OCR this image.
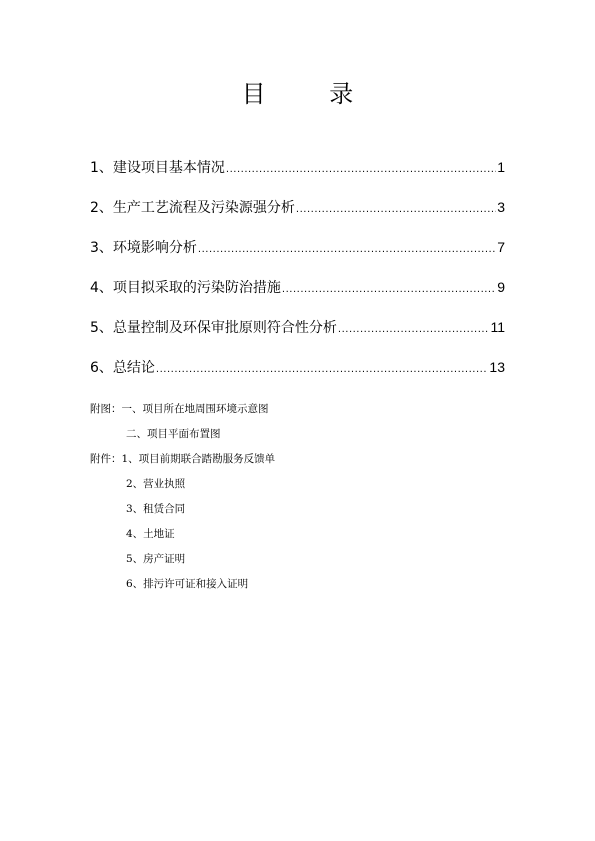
目 录
1、建设项目基本情况 .....	1
2、生产工艺流程及污染源强分析 .....	3
3、环境影响分析 .....	7
4、项目拟采取的污染防治措施 .....	9
5、总量控制及环保审批原则符合性分析 .....	11
6、总结论 .....	13
附图：一、项目所在地周围环境示意图
二、项目平面布置图
附件：1、项目前期联合踏勘服务反馈单
2、营业执照
3、租赁合同
4、土地证
5、房产证明
6、排污许可证和接入证明
